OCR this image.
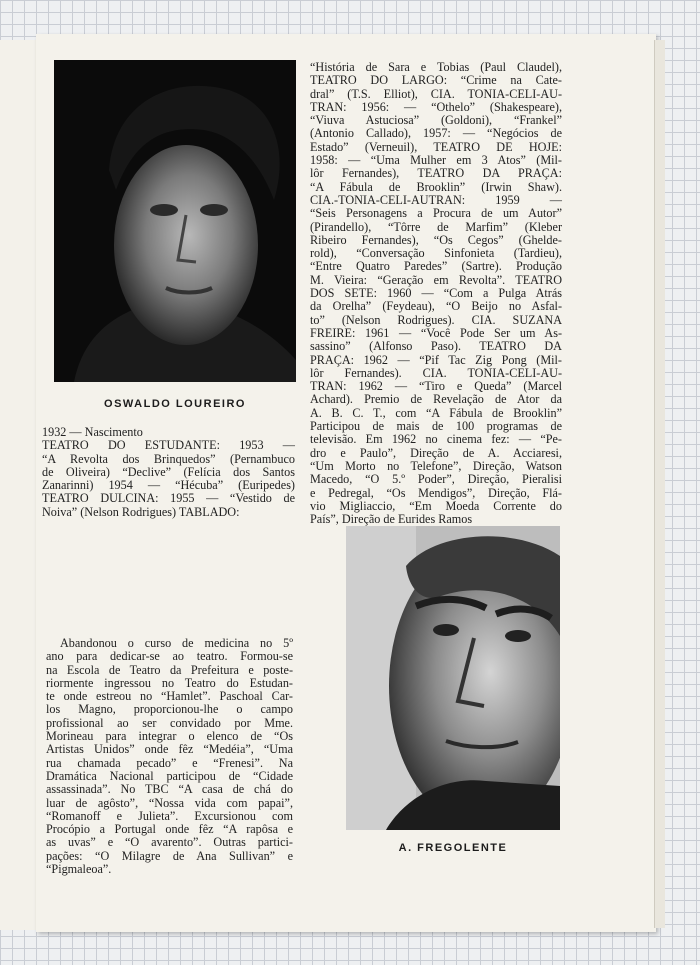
OSWALDO LOUREIRO
“História de Sara e Tobias (Paul Claudel),
TEATRO DO LARGO: “Crime na Cate-
dral” (T.S. Elliot), CIA. TONIA-CELI-AU-
TRAN: 1956: — “Othelo” (Shakespeare),
“Viuva Astuciosa” (Goldoni), “Frankel”
(Antonio Callado), 1957: — “Negócios de
Estado” (Verneuil), TEATRO DE HOJE:
1958: — “Uma Mulher em 3 Atos” (Mil-
lôr Fernandes), TEATRO DA PRAÇA:
“A Fábula de Brooklin” (Irwin Shaw).
CIA.-TONIA-CELI-AUTRAN: 1959 —
“Seis Personagens a Procura de um Autor”
(Pirandello), “Tôrre de Marfim” (Kleber
Ribeiro Fernandes), “Os Cegos” (Ghelde-
rold), “Conversação Sinfonieta (Tardieu),
“Entre Quatro Paredes” (Sartre). Produção
M. Vieira: “Geração em Revolta”. TEATRO
DOS SETE: 1960 — “Com a Pulga Atrás
da Orelha” (Feydeau), “O Beijo no Asfal-
to” (Nelson Rodrigues). CIA. SUZANA
FREIRE: 1961 — “Você Pode Ser um As-
sassino” (Alfonso Paso). TEATRO DA
PRAÇA: 1962 — “Pif Tac Zig Pong (Mil-
lôr Fernandes). CIA. TONIA-CELI-AU-
TRAN: 1962 — “Tiro e Queda” (Marcel
Achard). Premio de Revelação de Ator da
A. B. C. T., com “A Fábula de Brooklin”
Participou de mais de 100 programas de
televisão. Em 1962 no cinema fez: — “Pe-
dro e Paulo”, Direção de A. Acciaresi,
“Um Morto no Telefone”, Direção, Watson
Macedo, “O 5.º Poder”, Direção, Pieralisi
e Pedregal, “Os Mendigos”, Direção, Flá-
vio Migliaccio, “Em Moeda Corrente do
País”, Direção de Eurides Ramos
1932 — Nascimento
TEATRO DO ESTUDANTE: 1953 —
“A Revolta dos Brinquedos” (Pernambuco
de Oliveira) “Declive” (Felícia dos Santos
Zanarinni) 1954 — “Hécuba” (Euripedes)
TEATRO DULCINA: 1955 — “Vestido de
Noiva” (Nelson Rodrigues) TABLADO:
Abandonou o curso de medicina no 5º
ano para dedicar-se ao teatro. Formou-se
na Escola de Teatro da Prefeitura e poste-
riormente ingressou no Teatro do Estudan-
te onde estreou no “Hamlet”. Paschoal Car-
los Magno, proporcionou-lhe o campo
profissional ao ser convidado por Mme.
Morineau para integrar o elenco de “Os
Artistas Unidos” onde fêz “Medéia”, “Uma
rua chamada pecado” e “Frenesi”. Na
Dramática Nacional participou de “Cidade
assassinada”. No TBC “A casa de chá do
luar de agôsto”, “Nossa vida com papai”,
“Romanoff e Julieta”. Excursionou com
Procópio a Portugal onde fêz “A rapôsa e
as uvas” e “O avarento”. Outras partici-
pações: “O Milagre de Ana Sullivan” e
“Pigmaleoa”.
A. FREGOLENTE
